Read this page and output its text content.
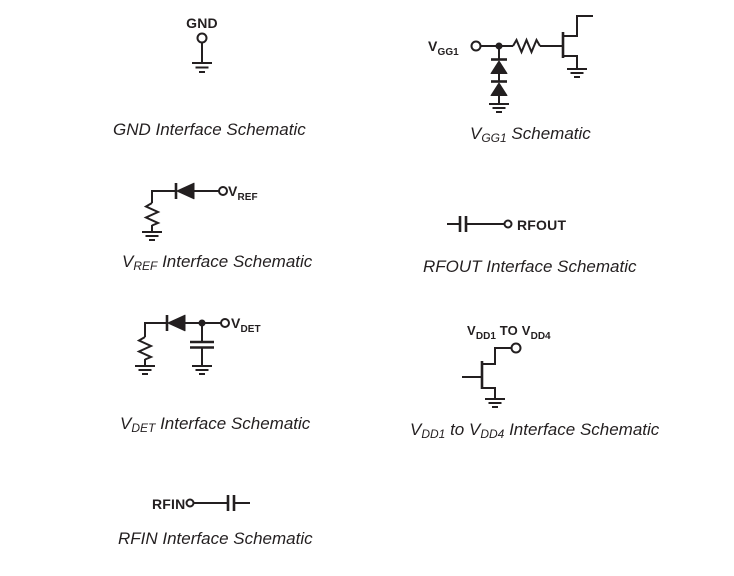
GND
GND Interface Schematic
$V_{GG1}$
VGG1 Schematic
$V_{REF}$
VREF Interface Schematic
RFOUT
RFOUT Interface Schematic
$V_{DET}$
VDET Interface Schematic
$V_{DD1}$ TO $V_{DD4}$
VDD1 to VDD4 Interface Schematic
RFIN
RFIN Interface Schematic
